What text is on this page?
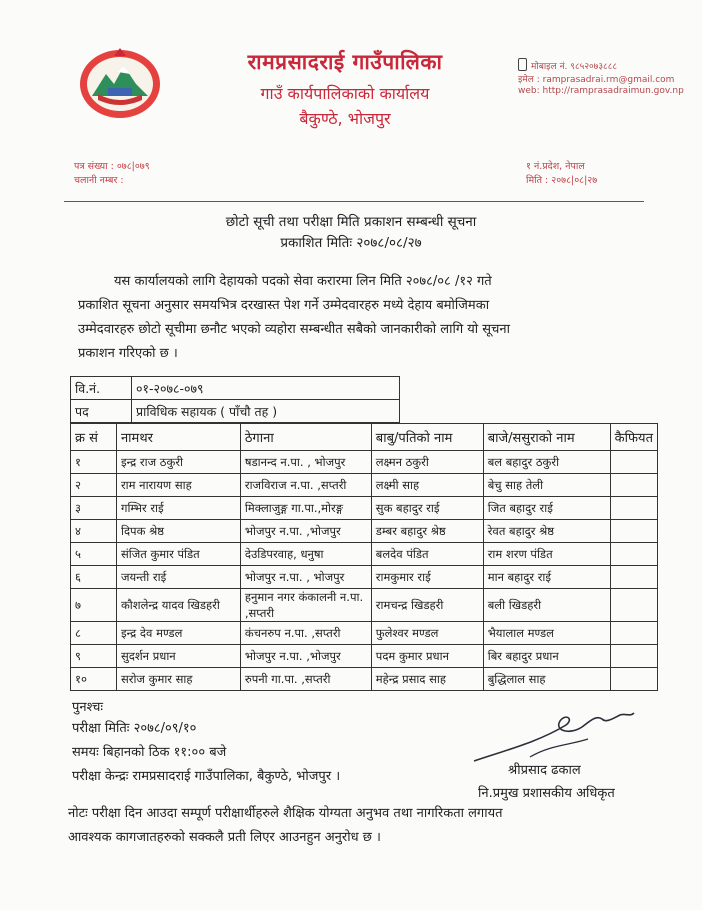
रामप्रसादराई गाउँपालिका
गाउँ कार्यपालिकाको कार्यालय
बैकुण्ठे, भोजपुर
मोबाइल नं. ९८५२०७३८८८
इमेल : ramprasadrai.rm@gmail.com
web: http://ramprasadraimun.gov.np
पत्र संख्या : ०७८|०७९
चलानी नम्बर :
१ नं.प्रदेश, नेपाल
मिति : २०७८|०८|२७
छोटो सूची तथा परीक्षा मिति प्रकाशन सम्बन्धी सूचना
प्रकाशित मितिः २०७८/०८/२७
यस कार्यालयको लागि देहायको पदको सेवा करारमा लिन मिति २०७८/०८ /१२ गते
प्रकाशित सूचना अनुसार समयभित्र दरखास्त पेश गर्ने उम्मेदवारहरु मध्ये देहाय बमोजिमका
उम्मेदवारहरु छोटो सूचीमा छनौट भएको व्यहोरा सम्बन्धीत सबैको जानकारीको लागि यो सूचना
प्रकाशन गरिएको छ ।
वि.नं.	०१-२०७८-०७९
पद	प्राविधिक सहायक ( पाँचौ तह )
क्र सं	नामथर	ठेगाना	बाबु/पतिको नाम	बाजे/ससुराको नाम	कैफियत
१	इन्द्र राज ठकुरी	षडानन्द न.पा. , भोजपुर	लक्ष्मन ठकुरी	बल बहादुर ठकुरी	
२	राम नारायण साह	राजविराज न.पा. ,सप्तरी	लक्ष्मी साह	बेचु साह तेली	
३	गम्भिर राई	मिक्लाजुङ्ग गा.पा.,मोरङ्ग	सुक बहादुर राई	जित बहादुर राई	
४	दिपक श्रेष्ठ	भोजपुर न.पा. ,भोजपुर	डम्बर बहादुर श्रेष्ठ	रेवत बहादुर श्रेष्ठ	
५	संजित कुमार पंडित	देउडिपरवाह, धनुषा	बलदेव पंडित	राम शरण पंडित	
६	जयन्ती राई	भोजपुर न.पा. , भोजपुर	रामकुमार राई	मान बहादुर राई	
७	कौशलेन्द्र यादव खिडहरी	हनुमान नगर कंकालनी न.पा. ,सप्तरी	रामचन्द्र खिडहरी	बली खिडहरी	
८	इन्द्र देव मण्डल	कंचनरुप न.पा. ,सप्तरी	फुलेश्वर मण्डल	भैयालाल मण्डल	
९	सुदर्शन प्रधान	भोजपुर न.पा. ,भोजपुर	पदम कुमार प्रधान	बिर बहादुर प्रधान	
१०	सरोज कुमार साह	रुपनी गा.पा. ,सप्तरी	महेन्द्र प्रसाद साह	बुद्धिलाल साह	
पुनश्चः
परीक्षा मितिः २०७८/०९/१०
समयः बिहानको ठिक ११:०० बजे
परीक्षा केन्द्रः रामप्रसादराई गाउँपालिका, बैकुण्ठे, भोजपुर ।	श्रीप्रसाद ढकाल
नि.प्रमुख प्रशासकीय अधिकृत
नोटः परीक्षा दिन आउदा सम्पूर्ण परीक्षार्थीहरुले शैक्षिक योग्यता अनुभव तथा नागरिकता लगायत
आवश्यक कागजातहरुको सक्कलै प्रती लिएर आउनहुन अनुरोध छ ।
